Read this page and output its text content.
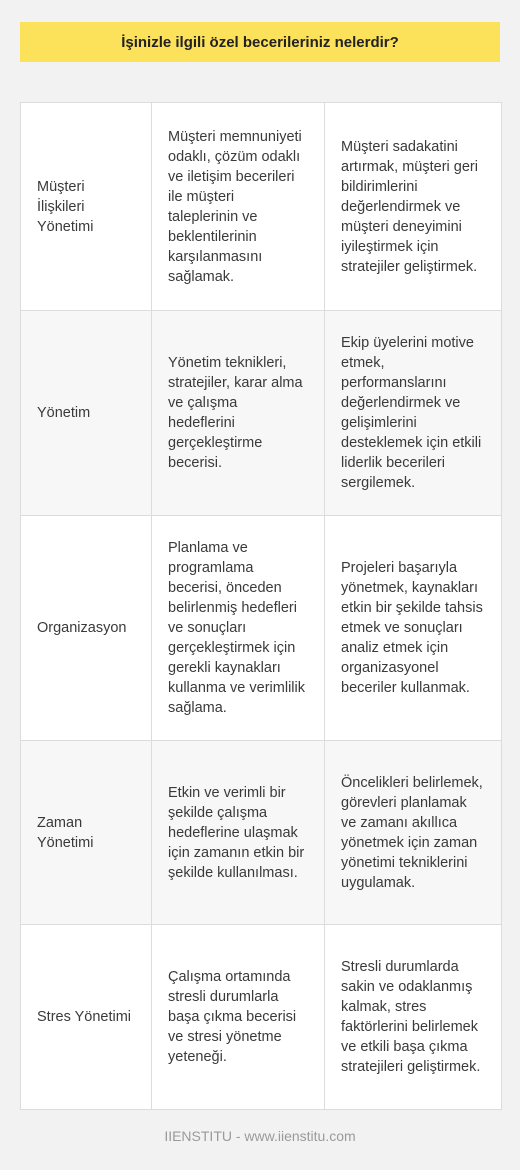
İşinizle ilgili özel becerileriniz nelerdir?
Müşteri İlişkileri Yönetimi
Müşteri memnuniyeti odaklı, çözüm odaklı ve iletişim becerileri ile müşteri taleplerinin ve beklentilerinin karşılanmasını sağlamak.
Müşteri sadakatini artırmak, müşteri geri bildirimlerini değerlendirmek ve müşteri deneyimini iyileştirmek için stratejiler geliştirmek.
Yönetim
Yönetim teknikleri, stratejiler, karar alma ve çalışma hedeflerini gerçekleştirme becerisi.
Ekip üyelerini motive etmek, performanslarını değerlendirmek ve gelişimlerini desteklemek için etkili liderlik becerileri sergilemek.
Organizasyon
Planlama ve programlama becerisi, önceden belirlenmiş hedefleri ve sonuçları gerçekleştirmek için gerekli kaynakları kullanma ve verimlilik sağlama.
Projeleri başarıyla yönetmek, kaynakları etkin bir şekilde tahsis etmek ve sonuçları analiz etmek için organizasyonel beceriler kullanmak.
Zaman Yönetimi
Etkin ve verimli bir şekilde çalışma hedeflerine ulaşmak için zamanın etkin bir şekilde kullanılması.
Öncelikleri belirlemek, görevleri planlamak ve zamanı akıllıca yönetmek için zaman yönetimi tekniklerini uygulamak.
Stres Yönetimi
Çalışma ortamında stresli durumlarla başa çıkma becerisi ve stresi yönetme yeteneği.
Stresli durumlarda sakin ve odaklanmış kalmak, stres faktörlerini belirlemek ve etkili başa çıkma stratejileri geliştirmek.
IIENSTITU - www.iienstitu.com
